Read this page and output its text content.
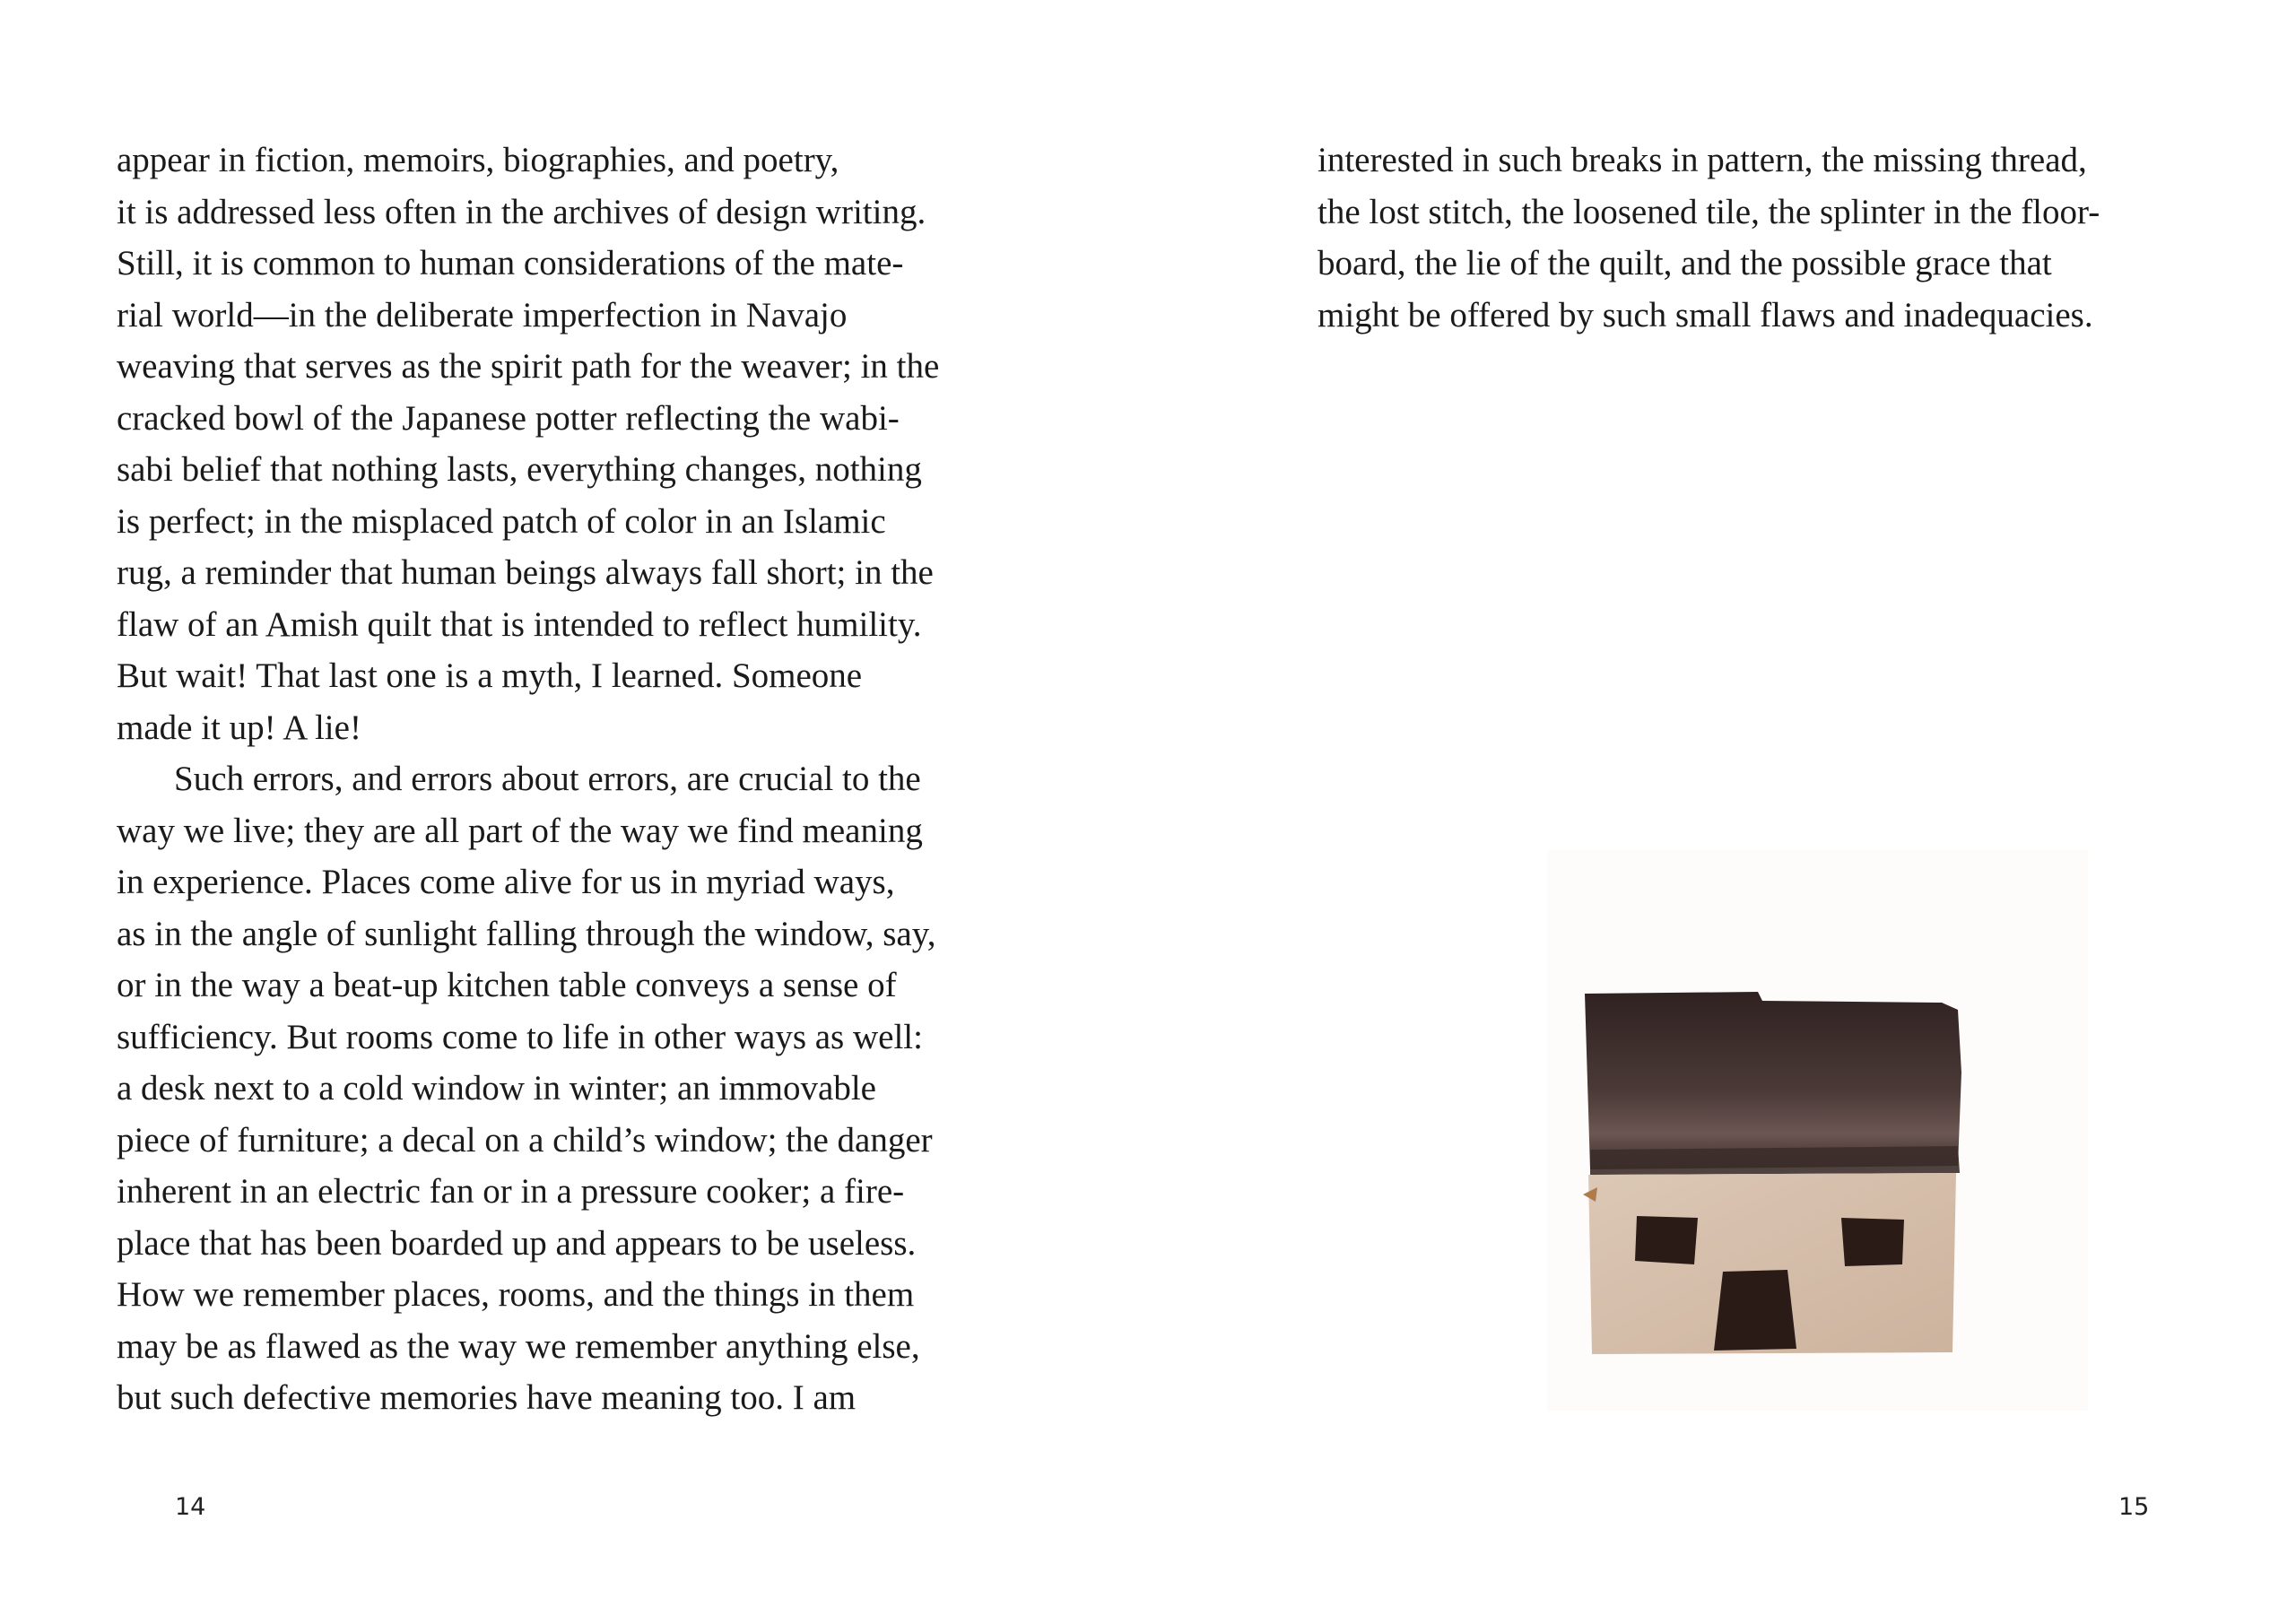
appear in fiction, memoirs, biographies, and poetry,
it is addressed less often in the archives of design writing.
Still, it is common to human considerations of the mate-
rial world—in the deliberate imperfection in Navajo
weaving that serves as the spirit path for the weaver; in the
cracked bowl of the Japanese potter reflecting the wabi-
sabi belief that nothing lasts, everything changes, nothing
is perfect; in the misplaced patch of color in an Islamic
rug, a reminder that human beings always fall short; in the
flaw of an Amish quilt that is intended to reflect humility.
But wait! That last one is a myth, I learned. Someone
made it up! A lie!
Such errors, and errors about errors, are crucial to the
way we live; they are all part of the way we find meaning
in experience. Places come alive for us in myriad ways,
as in the angle of sunlight falling through the window, say,
or in the way a beat-up kitchen table conveys a sense of
sufficiency. But rooms come to life in other ways as well:
a desk next to a cold window in winter; an immovable
piece of furniture; a decal on a child’s window; the danger
inherent in an electric fan or in a pressure cooker; a fire-
place that has been boarded up and appears to be useless.
How we remember places, rooms, and the things in them
may be as flawed as the way we remember anything else,
but such defective memories have meaning too. I am
14
interested in such breaks in pattern, the missing thread,
the lost stitch, the loosened tile, the splinter in the floor-
board, the lie of the quilt, and the possible grace that
might be offered by such small flaws and inadequacies.
15
